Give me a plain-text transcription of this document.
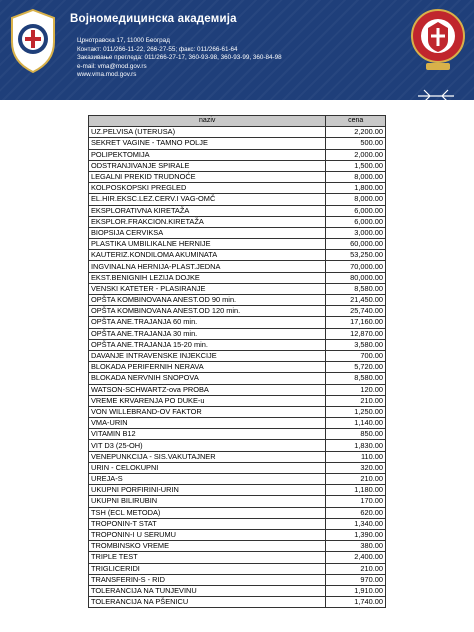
Војномедицинска академија
Црнотравска 17, 11000 Београд
Контакт: 011/266-11-22, 266-27-55; факс: 011/266-61-64
Заказивање прегледа: 011/266-27-17, 360-93-98, 360-93-99, 360-84-98
e-mail: vma@mod.gov.rs
www.vma.mod.gov.rs
naziv	cena
UZ.PELVISA (UTERUSA)	2,200.00
SEKRET VAGINE - TAMNO POLJE	500.00
POLIPEKTOMIJA	2,000.00
ODSTRANJIVANJE SPIRALE	1,500.00
LEGALNI PREKID TRUDNOĆE	8,000.00
KOLPOSKOPSKI PREGLED	1,800.00
EL.HIR.EKSC.LEZ.CERV.I VAG-OMČ	8,000.00
EKSPLORATIVNA KIRETAŽA	6,000.00
EKSPLOR.FRAKCION.KIRETAŽA	6,000.00
BIOPSIJA CERVIKSA	3,000.00
PLASTIKA UMBILIKALNE HERNIJE	60,000.00
KAUTERIZ.KONDILOMA AKUMINATA	53,250.00
INGVINALNA HERNIJA-PLAST.JEDNA	70,000.00
EKST.BENIGNIH LEZIJA DOJKE	80,000.00
VENSKI KATETER - PLASIRANJE	8,580.00
OPŠTA KOMBINOVANA ANEST.OD 90 min.	21,450.00
OPŠTA KOMBINOVANA ANEST.OD 120 min.	25,740.00
OPŠTA ANE.TRAJANJA 60 min.	17,160.00
OPŠTA ANE.TRAJANJA 30 min.	12,870.00
OPŠTA ANE.TRAJANJA 15-20 min.	3,580.00
DAVANJE INTRAVENSKE INJEKCIJE	700.00
BLOKADA PERIFERNIH NERAVA	5,720.00
BLOKADA NERVNIH SNOPOVA	8,580.00
WATSON-SCHWARTZ-ova PROBA	120.00
VREME KRVARENJA PO DUKE-u	210.00
VON WILLEBRAND-OV FAKTOR	1,250.00
VMA-URIN	1,140.00
VITAMIN B12	850.00
VIT D3 (25-OH)	1,830.00
VENEPUNKCIJA - SIS.VAKUTAJNER	110.00
URIN - CELOKUPNI	320.00
UREJA-S	210.00
UKUPNI PORFIRINI-URIN	1,180.00
UKUPNI BILIRUBIN	170.00
TSH (ECL METODA)	620.00
TROPONIN-T STAT	1,340.00
TROPONIN-I U SERUMU	1,390.00
TROMBINSKO VREME	380.00
TRIPLE TEST	2,400.00
TRIGLICERIDI	210.00
TRANSFERIN-S - RID	970.00
TOLERANCIJA NA TUNJEVINU	1,910.00
TOLERANCIJA NA PŠENICU	1,740.00
